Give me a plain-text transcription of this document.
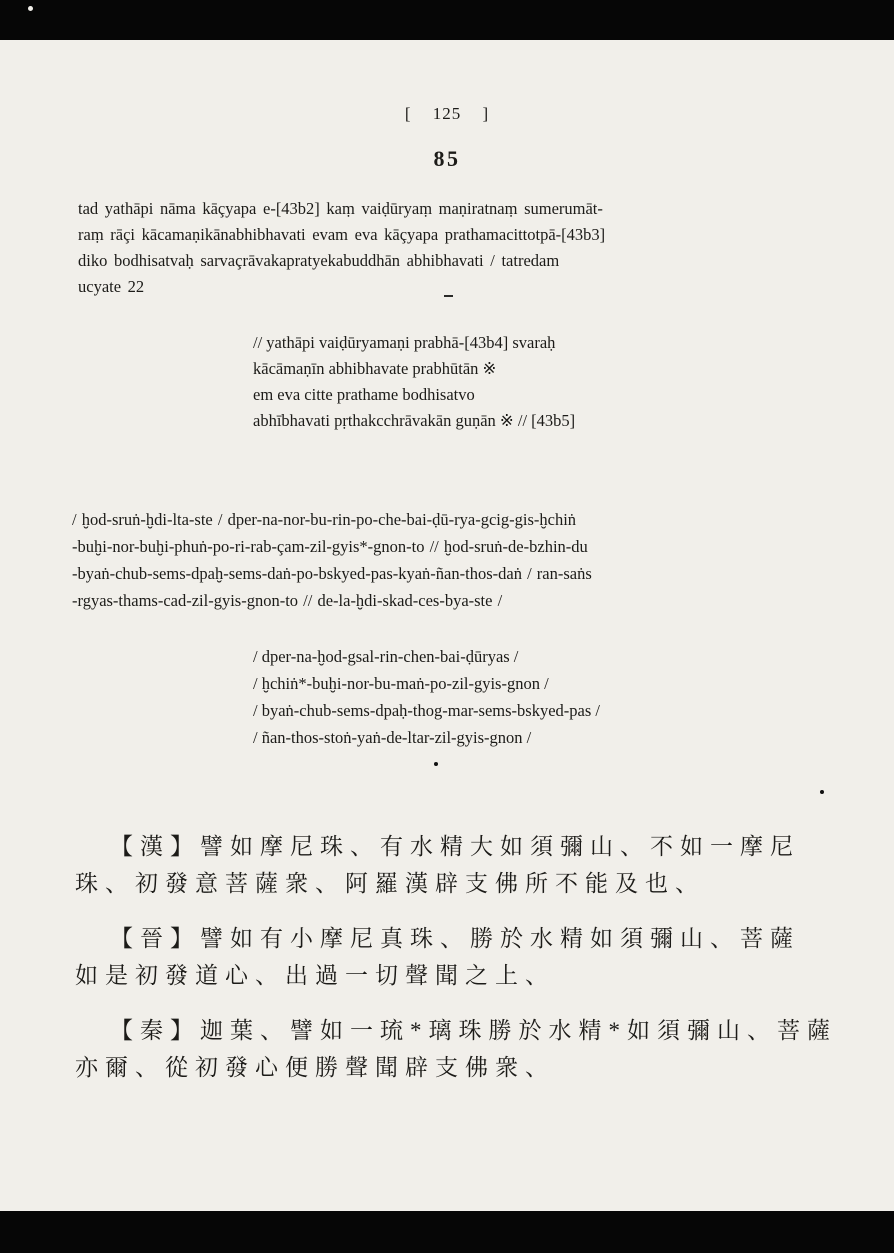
[ 125 ]
85
tad yathāpi nāma kāçyapa e-[43b2] kaṃ vaiḍūryaṃ maṇiratnaṃ sumerumāt-
raṃ rāçi kācamaṇikānabhibhavati evam eva kāçyapa prathamacittotpā-[43b3]
diko bodhisatvaḥ sarvaçrāvakapratyekabuddhān abhibhavati / tatredam
ucyate 22
// yathāpi vaiḍūryamaṇi prabhā-[43b4] svaraḥ
kācāmaṇīn abhibhavate prabhūtān ※
em eva citte prathame bodhisatvo
abhībhavati pṛthakcchrāvakān guṇān ※ // [43b5]
/ ḫod-sruṅ-ḫdi-lta-ste / dper-na-nor-bu-rin-po-che-bai-ḍū-rya-gcig-gis-ḫchiṅ
-buḫi-nor-buḫi-phuṅ-po-ri-rab-çam-zil-gyis*-gnon-to // ḫod-sruṅ-de-bzhin-du
-byaṅ-chub-sems-dpaḫ-sems-daṅ-po-bskyed-pas-kyaṅ-ñan-thos-daṅ / ran-saṅs
-rgyas-thams-cad-zil-gyis-gnon-to // de-la-ḫdi-skad-ces-bya-ste /
/ dper-na-ḫod-gsal-rin-chen-bai-ḍūryas /
/ ḫchiṅ*-buḫi-nor-bu-maṅ-po-zil-gyis-gnon /
/ byaṅ-chub-sems-dpaḥ-thog-mar-sems-bskyed-pas /
/ ñan-thos-stoṅ-yaṅ-de-ltar-zil-gyis-gnon /
【漢】譬如摩尼珠、有水精大如須彌山、不如一摩尼
珠、初發意菩薩衆、阿羅漢辟支佛所不能及也、
【晉】譬如有小摩尼真珠、勝於水精如須彌山、菩薩
如是初發道心、出過一切聲聞之上、
【秦】迦葉、譬如一琉*璃珠勝於水精*如須彌山、菩薩
亦爾、從初發心便勝聲聞辟支佛衆、
